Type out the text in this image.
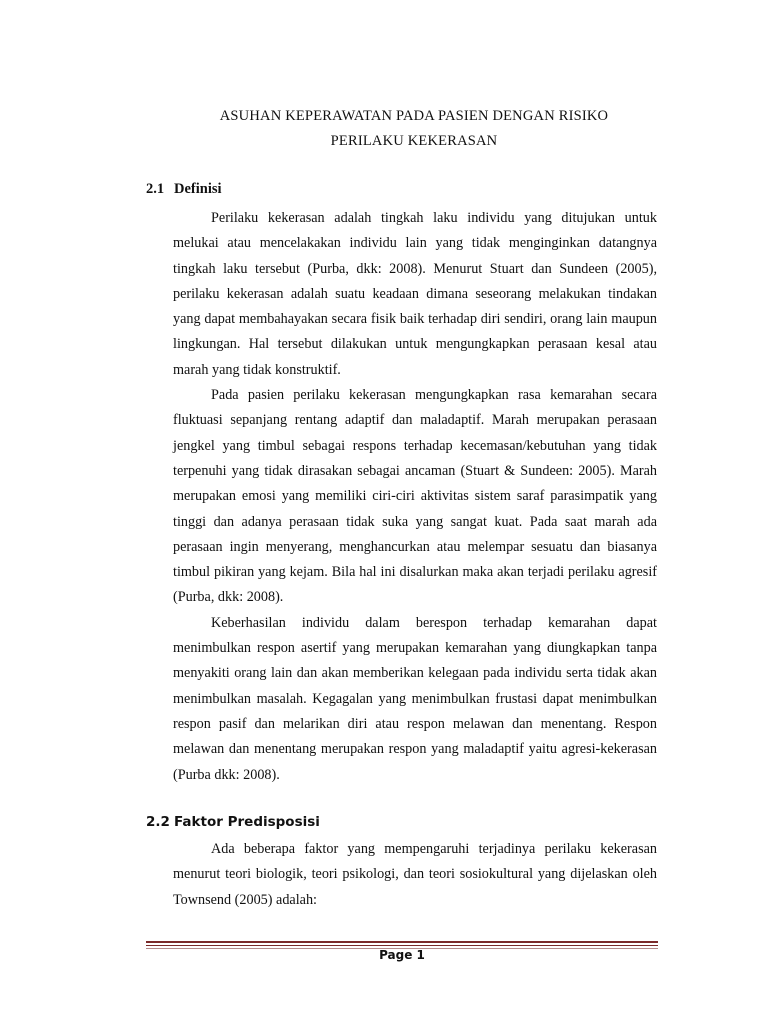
ASUHAN KEPERAWATAN PADA PASIEN DENGAN RISIKO
PERILAKU KEKERASAN
2.1 Definisi

Perilaku kekerasan adalah tingkah laku individu yang ditujukan untuk melukai atau mencelakakan individu lain yang tidak menginginkan datangnya tingkah laku tersebut (Purba, dkk: 2008). Menurut Stuart dan Sundeen (2005), perilaku kekerasan adalah suatu keadaan dimana seseorang melakukan tindakan yang dapat membahayakan secara fisik baik terhadap diri sendiri, orang lain maupun lingkungan. Hal tersebut dilakukan untuk mengungkapkan perasaan kesal atau marah yang tidak konstruktif.

Pada pasien perilaku kekerasan mengungkapkan rasa kemarahan secara fluktuasi sepanjang rentang adaptif dan maladaptif. Marah merupakan perasaan jengkel yang timbul sebagai respons terhadap kecemasan/kebutuhan yang tidak terpenuhi yang tidak dirasakan sebagai ancaman (Stuart & Sundeen: 2005). Marah merupakan emosi yang memiliki ciri-ciri aktivitas sistem saraf parasimpatik yang tinggi dan adanya perasaan tidak suka yang sangat kuat. Pada saat marah ada perasaan ingin menyerang, menghancurkan atau melempar sesuatu dan biasanya timbul pikiran yang kejam. Bila hal ini disalurkan maka akan terjadi perilaku agresif (Purba, dkk: 2008).

Keberhasilan individu dalam berespon terhadap kemarahan dapat menimbulkan respon asertif yang merupakan kemarahan yang diungkapkan tanpa menyakiti orang lain dan akan memberikan kelegaan pada individu serta tidak akan menimbulkan masalah. Kegagalan yang menimbulkan frustasi dapat menimbulkan respon pasif dan melarikan diri atau respon melawan dan menentang. Respon melawan dan menentang merupakan respon yang maladaptif yaitu agresi-kekerasan (Purba dkk: 2008).

2.2 Faktor Predisposisi

Ada beberapa faktor yang mempengaruhi terjadinya perilaku kekerasan menurut teori biologik, teori psikologi, dan teori sosiokultural yang dijelaskan oleh Townsend (2005) adalah:

Page 1
